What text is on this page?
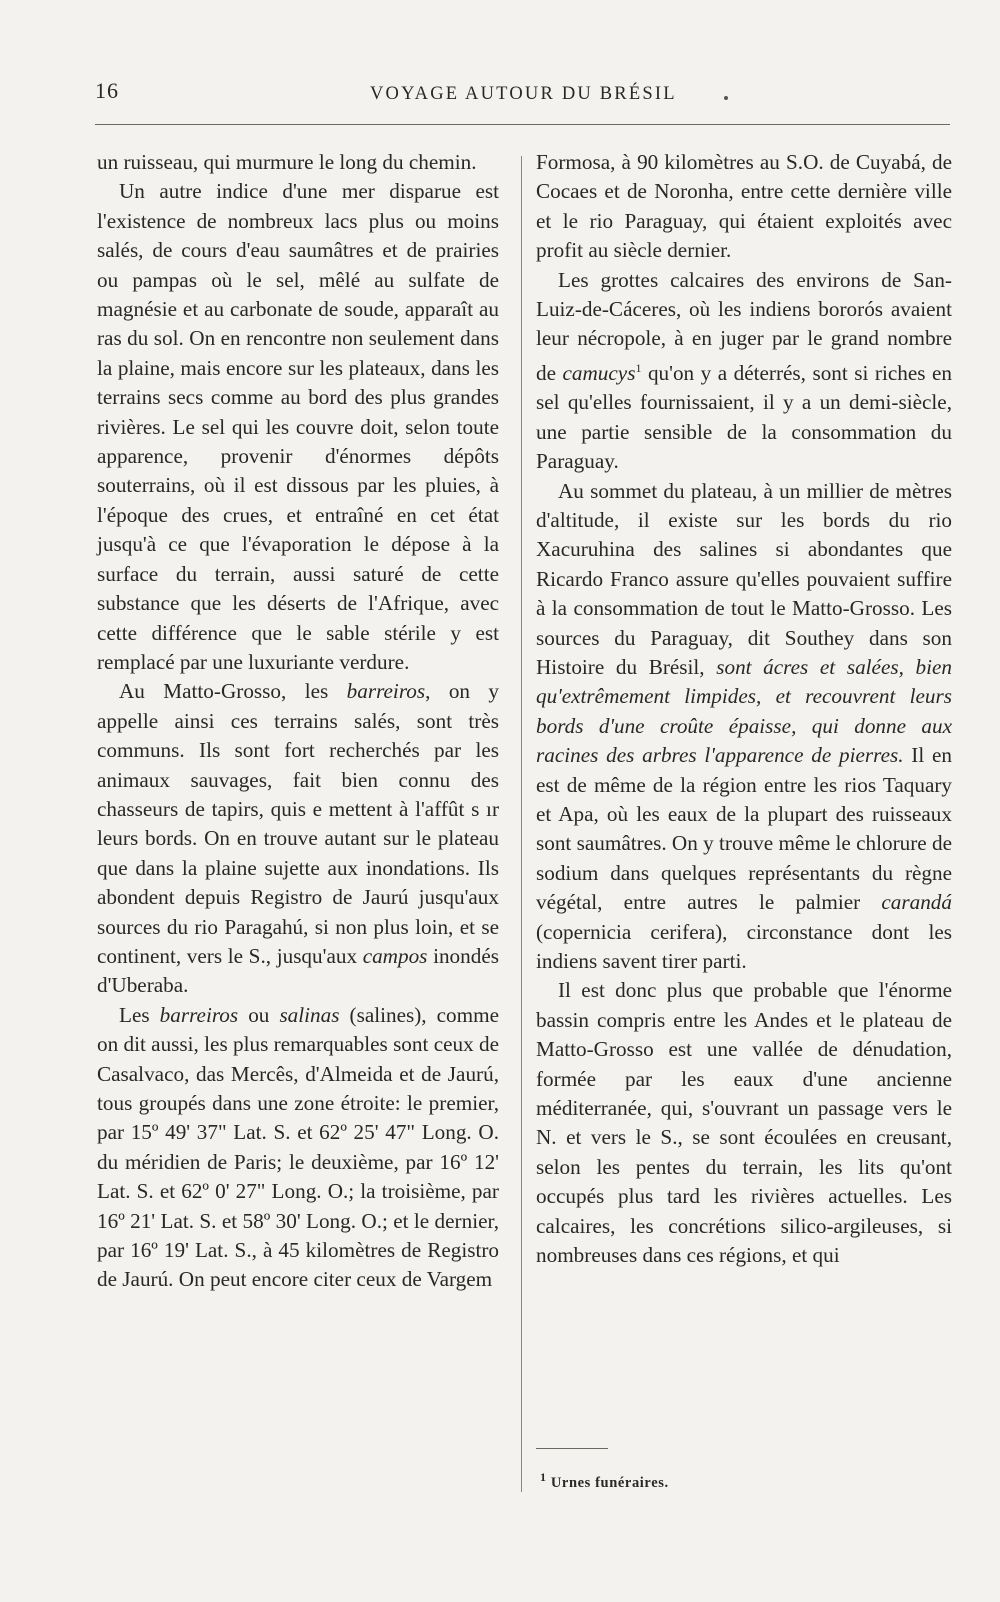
16	VOYAGE AUTOUR DU BRÉSIL

un ruisseau, qui murmure le long du chemin.

Un autre indice d'une mer disparue est l'existence de nombreux lacs plus ou moins salés, de cours d'eau saumâtres et de prairies ou pampas où le sel, mêlé au sulfate de magnésie et au carbonate de soude, apparaît au ras du sol. On en rencontre non seulement dans la plaine, mais encore sur les plateaux, dans les terrains secs comme au bord des plus grandes rivières. Le sel qui les couvre doit, selon toute apparence, provenir d'énormes dépôts souterrains, où il est dissous par les pluies, à l'époque des crues, et entraîné en cet état jusqu'à ce que l'évaporation le dépose à la surface du terrain, aussi saturé de cette substance que les déserts de l'Afrique, avec cette différence que le sable stérile y est remplacé par une luxuriante verdure.

Au Matto-Grosso, les barreiros, on y appelle ainsi ces terrains salés, sont très communs. Ils sont fort recherchés par les animaux sauvages, fait bien connu des chasseurs de tapirs, quis e mettent à l'affût s ır leurs bords. On en trouve autant sur le plateau que dans la plaine sujette aux inondations. Ils abondent depuis Registro de Jaurú jusqu'aux sources du rio Paragahú, si non plus loin, et se continent, vers le S., jusqu'aux campos inondés d'Uberaba.

Les barreiros ou salinas (salines), comme on dit aussi, les plus remarquables sont ceux de Casalvaco, das Mercês, d'Almeida et de Jaurú, tous groupés dans une zone étroite: le premier, par 15º 49' 37" Lat. S. et 62º 25' 47" Long. O. du méridien de Paris; le deuxième, par 16º 12' Lat. S. et 62º 0' 27" Long. O.; la troisième, par 16º 21' Lat. S. et 58º 30' Long. O.; et le dernier, par 16º 19' Lat. S., à 45 kilomètres de Registro de Jaurú. On peut encore citer ceux de Vargem

Formosa, à 90 kilomètres au S.O. de Cuyabá, de Cocaes et de Noronha, entre cette dernière ville et le rio Paraguay, qui étaient exploités avec profit au siècle dernier.

Les grottes calcaires des environs de San-Luiz-de-Cáceres, où les indiens bororós avaient leur nécropole, à en juger par le grand nombre de camucys$^1$ qu'on y a déterrés, sont si riches en sel qu'elles fournissaient, il y a un demi-siècle, une partie sensible de la consommation du Paraguay.

Au sommet du plateau, à un millier de mètres d'altitude, il existe sur les bords du rio Xacuruhina des salines si abondantes que Ricardo Franco assure qu'elles pouvaient suffire à la consommation de tout le Matto-Grosso. Les sources du Paraguay, dit Southey dans son Histoire du Brésil, sont ácres et salées, bien qu'extrêmement limpides, et recouvrent leurs bords d'une croûte épaisse, qui donne aux racines des arbres l'apparence de pierres. Il en est de même de la région entre les rios Taquary et Apa, où les eaux de la plupart des ruisseaux sont saumâtres. On y trouve même le chlorure de sodium dans quelques représentants du règne végétal, entre autres le palmier carandá (copernicia cerifera), circonstance dont les indiens savent tirer parti.

Il est donc plus que probable que l'énorme bassin compris entre les Andes et le plateau de Matto-Grosso est une vallée de dénudation, formée par les eaux d'une ancienne méditerranée, qui, s'ouvrant un passage vers le N. et vers le S., se sont écoulées en creusant, selon les pentes du terrain, les lits qu'ont occupés plus tard les rivières actuelles. Les calcaires, les concrétions silico-argileuses, si nombreuses dans ces régions, et qui

$^1$ Urnes funéraires.
